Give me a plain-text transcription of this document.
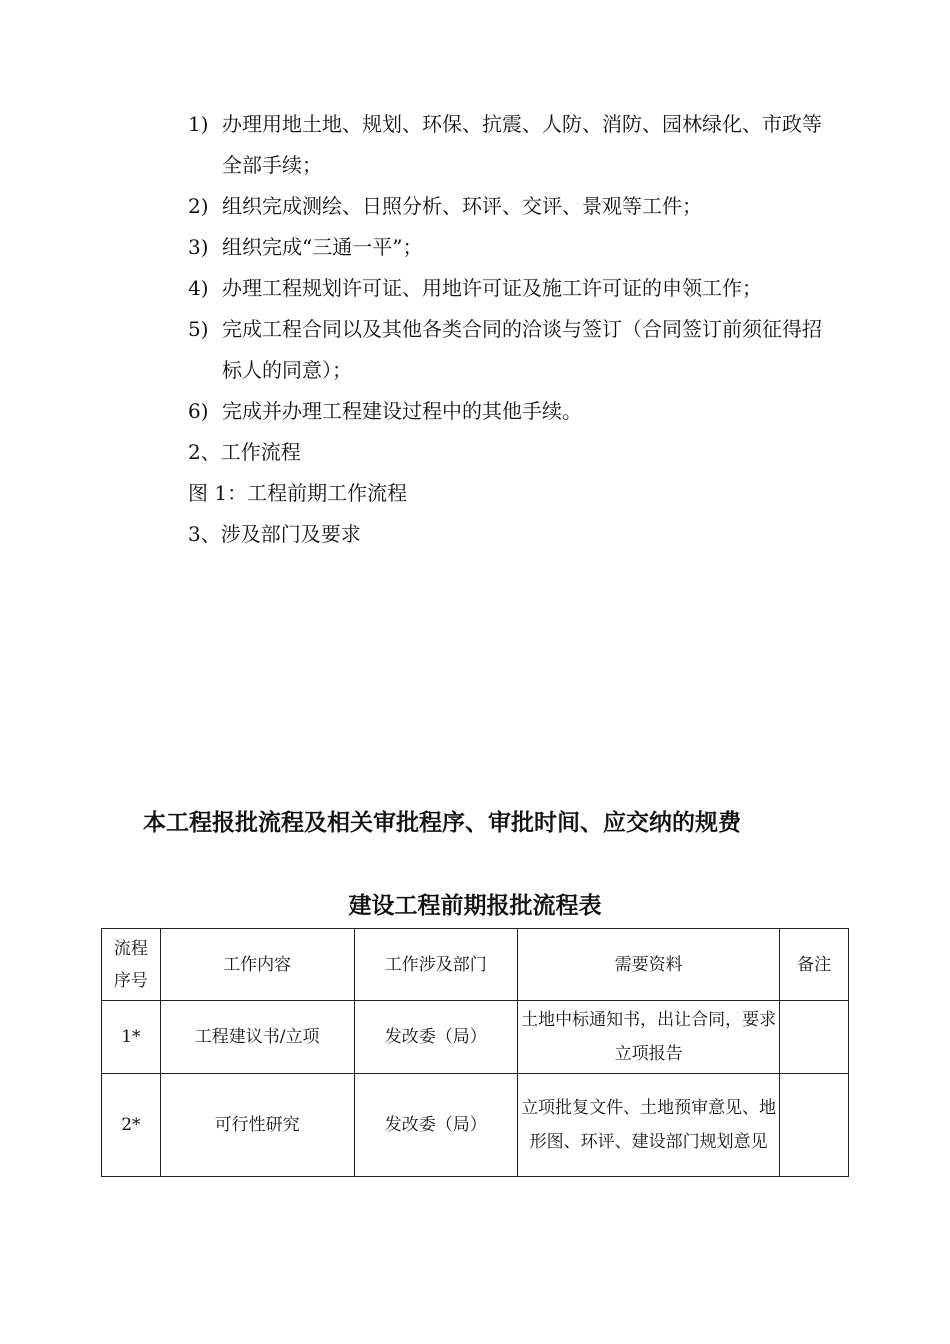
1) 办理用地土地、规划、环保、抗震、人防、消防、园林绿化、市政等全部手续；
2) 组织完成测绘、日照分析、环评、交评、景观等工件；
3) 组织完成“三通一平”；
4) 办理工程规划许可证、用地许可证及施工许可证的申领工作；
5) 完成工程合同以及其他各类合同的洽谈与签订（合同签订前须征得招标人的同意）；
6) 完成并办理工程建设过程中的其他手续。
2、工作流程
图 1：工程前期工作流程
3、涉及部门及要求
本工程报批流程及相关审批程序、审批时间、应交纳的规费
建设工程前期报批流程表
流程
序号	工作内容	工作涉及部门	需要资料	备注
1*	工程建议书/立项	发改委（局）	土地中标通知书，出让合同，要求立项报告	
2*	可行性研究	发改委（局）	立项批复文件、土地预审意见、地形图、环评、建设部门规划意见	
